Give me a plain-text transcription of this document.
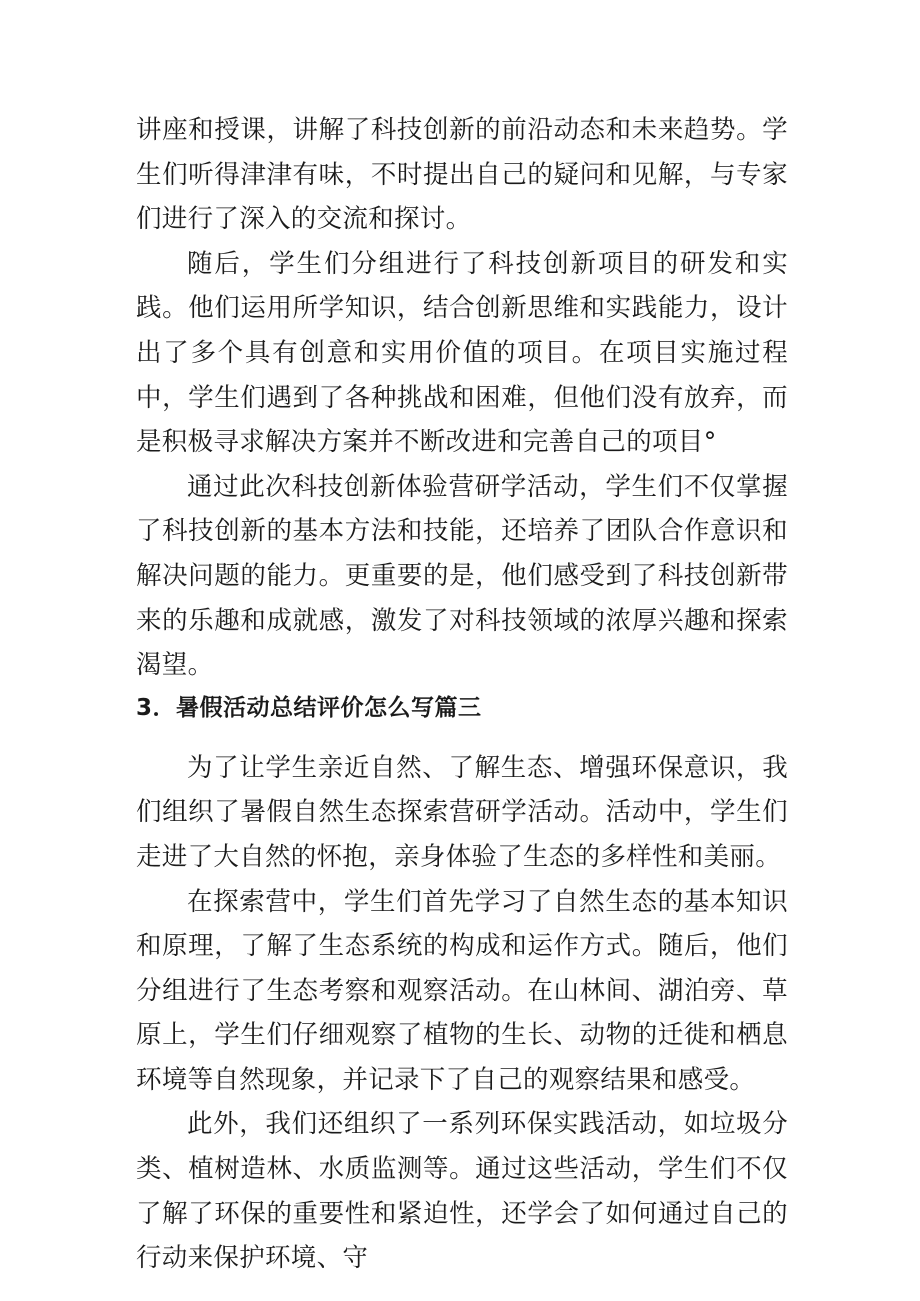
讲座和授课，讲解了科技创新的前沿动态和未来趋势。学生们听得津津有味，不时提出自己的疑问和见解，与专家们进行了深入的交流和探讨。

随后，学生们分组进行了科技创新项目的研发和实践。他们运用所学知识，结合创新思维和实践能力，设计出了多个具有创意和实用价值的项目。在项目实施过程中，学生们遇到了各种挑战和困难，但他们没有放弃，而是积极寻求解决方案并不断改进和完善自己的项目°

通过此次科技创新体验营研学活动，学生们不仅掌握了科技创新的基本方法和技能，还培养了团队合作意识和解决问题的能力。更重要的是，他们感受到了科技创新带来的乐趣和成就感，激发了对科技领域的浓厚兴趣和探索渴望。

3．暑假活动总结评价怎么写篇三

为了让学生亲近自然、了解生态、增强环保意识，我们组织了暑假自然生态探索营研学活动。活动中，学生们走进了大自然的怀抱，亲身体验了生态的多样性和美丽。

在探索营中，学生们首先学习了自然生态的基本知识和原理，了解了生态系统的构成和运作方式。随后，他们分组进行了生态考察和观察活动。在山林间、湖泊旁、草原上，学生们仔细观察了植物的生长、动物的迁徙和栖息环境等自然现象，并记录下了自己的观察结果和感受。

此外，我们还组织了一系列环保实践活动，如垃圾分类、植树造林、水质监测等。通过这些活动，学生们不仅了解了环保的重要性和紧迫性，还学会了如何通过自己的行动来保护环境、守
